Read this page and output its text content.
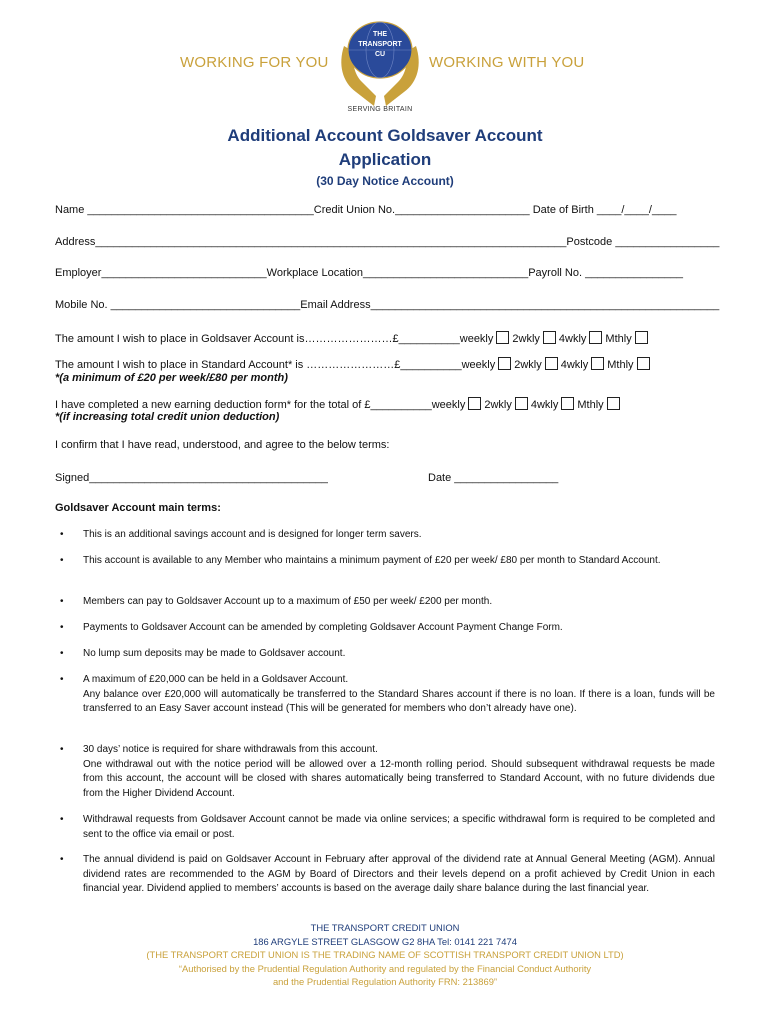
WORKING FOR YOU	WORKING WITH YOU
THE
TRANSPORT
CU
SERVING BRITAIN
Additional Account Goldsaver Account
Application
(30 Day Notice Account)
Name _____________________________________Credit Union No.______________________ Date of Birth ____/____/____
Address_____________________________________________________________________________Postcode _________________
Employer___________________________Workplace Location___________________________Payroll No. ________________
Mobile No. _______________________________Email Address_________________________________________________________
The amount I wish to place in Goldsaver Account is……………………£__________weekly 2wkly 4wkly Mthly
The amount I wish to place in Standard Account* is ……………………£__________weekly 2wkly 4wkly Mthly
*(a minimum of £20 per week/£80 per month)
I have completed a new earning deduction form* for the total of £__________weekly 2wkly 4wkly Mthly
*(if increasing total credit union deduction)
I confirm that I have read, understood, and agree to the below terms:
Signed_______________________________________	Date _________________
Goldsaver Account main terms:
• This is an additional savings account and is designed for longer term savers.
• This account is available to any Member who maintains a minimum payment of £20 per week/ £80 per month to Standard Account.
• Members can pay to Goldsaver Account up to a maximum of £50 per week/ £200 per month.
• Payments to Goldsaver Account can be amended by completing Goldsaver Account Payment Change Form.
• No lump sum deposits may be made to Goldsaver account.
• A maximum of £20,000 can be held in a Goldsaver Account.
Any balance over £20,000 will automatically be transferred to the Standard Shares account if there is no loan. If there is a loan, funds will be transferred to an Easy Saver account instead (This will be generated for members who don’t already have one).
• 30 days’ notice is required for share withdrawals from this account.
One withdrawal out with the notice period will be allowed over a 12-month rolling period. Should subsequent withdrawal requests be made from this account, the account will be closed with shares automatically being transferred to Standard Account, with no future dividends due from the Higher Dividend Account.
• Withdrawal requests from Goldsaver Account cannot be made via online services; a specific withdrawal form is required to be completed and sent to the office via email or post.
• The annual dividend is paid on Goldsaver Account in February after approval of the dividend rate at Annual General Meeting (AGM). Annual dividend rates are recommended to the AGM by Board of Directors and their levels depend on a profit achieved by Credit Union in each financial year. Dividend applied to members’ accounts is based on the average daily share balance during the last financial year.
THE TRANSPORT CREDIT UNION
186 ARGYLE STREET GLASGOW G2 8HA Tel: 0141 221 7474
(THE TRANSPORT CREDIT UNION IS THE TRADING NAME OF SCOTTISH TRANSPORT CREDIT UNION LTD)
“Authorised by the Prudential Regulation Authority and regulated by the Financial Conduct Authority
and the Prudential Regulation Authority FRN: 213869”
